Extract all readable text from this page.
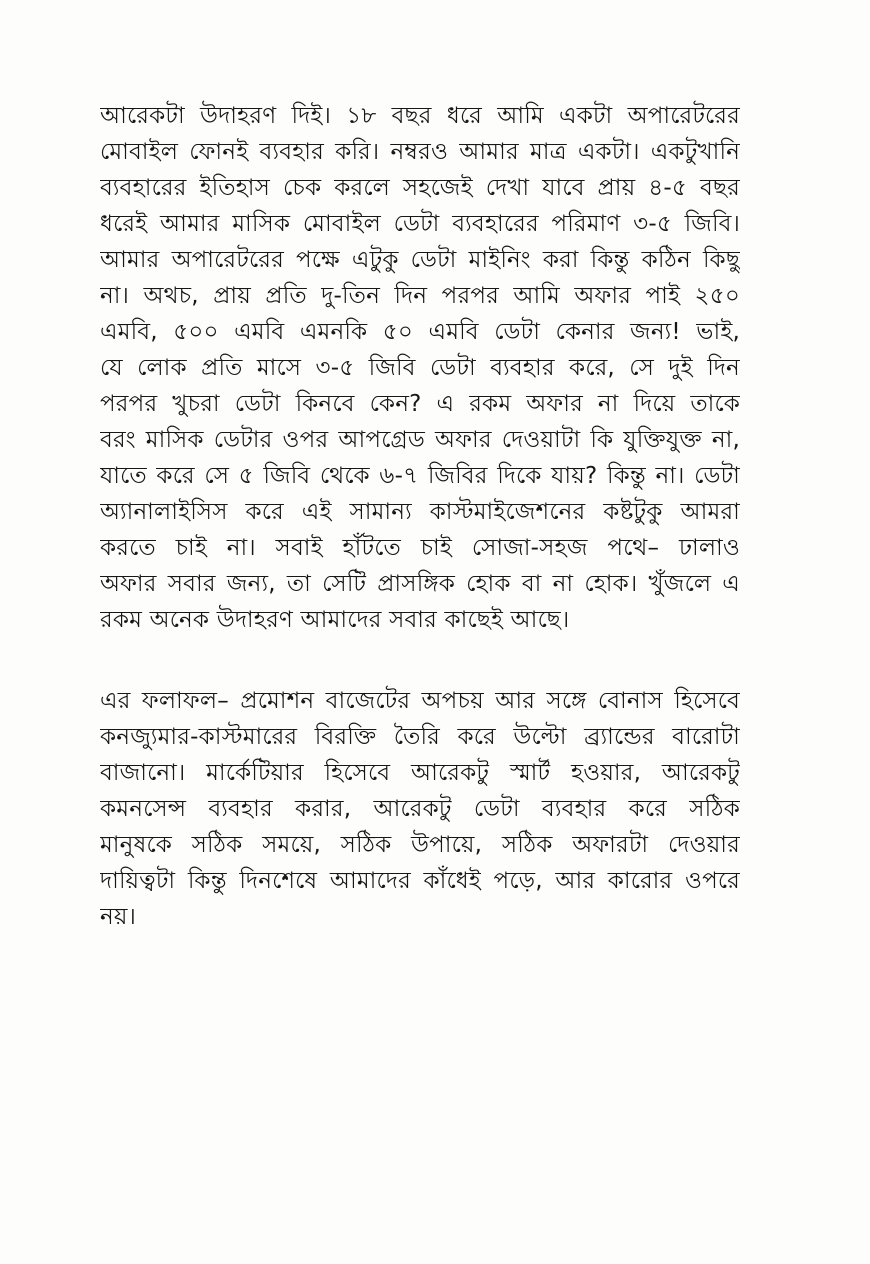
আরেকটা উদাহরণ দিই। ১৮ বছর ধরে আমি একটা অপারেটরের
মোবাইল ফোনই ব্যবহার করি। নম্বরও আমার মাত্র একটা। একটুখানি
ব্যবহারের ইতিহাস চেক করলে সহজেই দেখা যাবে প্রায় ৪-৫ বছর
ধরেই আমার মাসিক মোবাইল ডেটা ব্যবহারের পরিমাণ ৩-৫ জিবি।
আমার অপারেটরের পক্ষে এটুকু ডেটা মাইনিং করা কিন্তু কঠিন কিছু
না। অথচ, প্রায় প্রতি দু-তিন দিন পরপর আমি অফার পাই ২৫০
এমবি, ৫০০ এমবি এমনকি ৫০ এমবি ডেটা কেনার জন্য! ভাই,
যে লোক প্রতি মাসে ৩-৫ জিবি ডেটা ব্যবহার করে, সে দুই দিন
পরপর খুচরা ডেটা কিনবে কেন? এ রকম অফার না দিয়ে তাকে
বরং মাসিক ডেটার ওপর আপগ্রেড অফার দেওয়াটা কি যুক্তিযুক্ত না,
যাতে করে সে ৫ জিবি থেকে ৬-৭ জিবির দিকে যায়? কিন্তু না। ডেটা
অ্যানালাইসিস করে এই সামান্য কাস্টমাইজেশনের কষ্টটুকু আমরা
করতে চাই না। সবাই হাঁটতে চাই সোজা-সহজ পথে– ঢালাও
অফার সবার জন্য, তা সেটি প্রাসঙ্গিক হোক বা না হোক। খুঁজলে এ
রকম অনেক উদাহরণ আমাদের সবার কাছেই আছে।
এর ফলাফল– প্রমোশন বাজেটের অপচয় আর সঙ্গে বোনাস হিসেবে
কনজ্যুমার-কাস্টমারের বিরক্তি তৈরি করে উল্টো ব্র্যান্ডের বারোটা
বাজানো। মার্কেটিয়ার হিসেবে আরেকটু স্মার্ট হওয়ার, আরেকটু
কমনসেন্স ব্যবহার করার, আরেকটু ডেটা ব্যবহার করে সঠিক
মানুষকে সঠিক সময়ে, সঠিক উপায়ে, সঠিক অফারটা দেওয়ার
দায়িত্বটা কিন্তু দিনশেষে আমাদের কাঁধেই পড়ে, আর কারোর ওপরে
নয়।
